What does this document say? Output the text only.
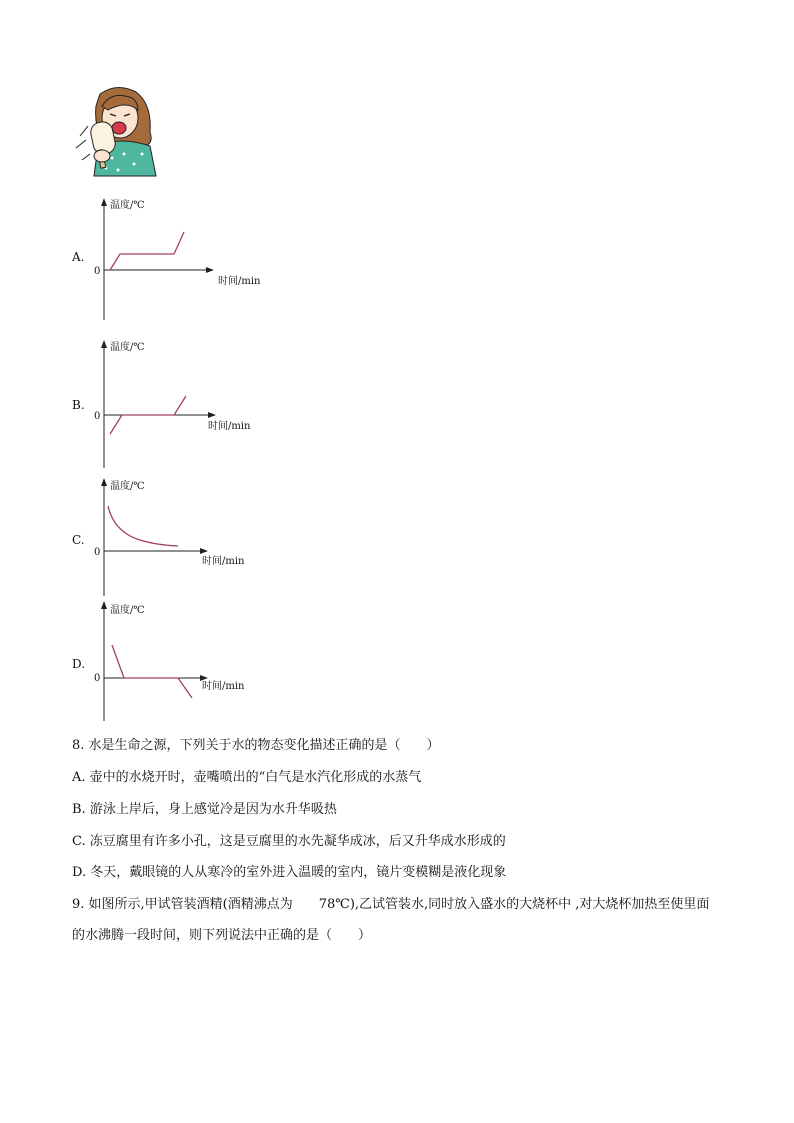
A.
温度/℃
0
时间/min
B.
温度/℃
0
时间/min
C.
温度/℃
0
时间/min
D.
温度/℃
0
时间/min
8. 水是生命之源，下列关于水的物态变化描述正确的是（　　）
A. 壶中的水烧开时，壶嘴喷出的“白气是水汽化形成的水蒸气
B. 游泳上岸后，身上感觉冷是因为水升华吸热
C. 冻豆腐里有许多小孔，这是豆腐里的水先凝华成冰，后又升华成水形成的
D. 冬天，戴眼镜的人从寒冷的室外进入温暖的室内，镜片变模糊是液化现象
9. 如图所示,甲试管装酒精(酒精沸点为　　78℃),乙试管装水,同时放入盛水的大烧杯中 ,对大烧杯加热至使里面
的水沸腾一段时间，则下列说法中正确的是（　　）
